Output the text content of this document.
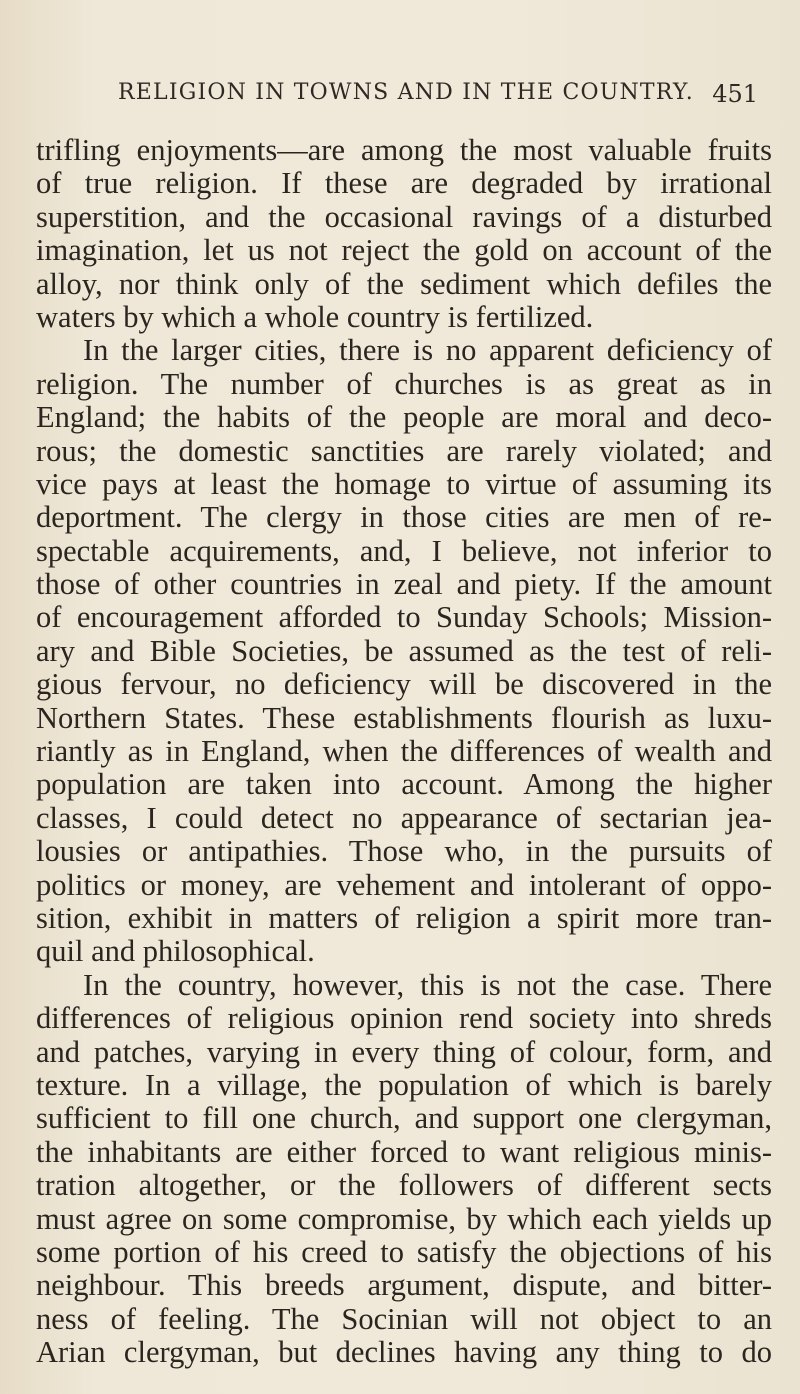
RELIGION IN TOWNS AND IN THE COUNTRY. 451
trifling enjoyments—are among the most valuable fruits
of true religion. If these are degraded by irrational
superstition, and the occasional ravings of a disturbed
imagination, let us not reject the gold on account of the
alloy, nor think only of the sediment which defiles the
waters by which a whole country is fertilized.
In the larger cities, there is no apparent deficiency of
religion. The number of churches is as great as in
England; the habits of the people are moral and deco-
rous; the domestic sanctities are rarely violated; and
vice pays at least the homage to virtue of assuming its
deportment. The clergy in those cities are men of re-
spectable acquirements, and, I believe, not inferior to
those of other countries in zeal and piety. If the amount
of encouragement afforded to Sunday Schools; Mission-
ary and Bible Societies, be assumed as the test of reli-
gious fervour, no deficiency will be discovered in the
Northern States. These establishments flourish as luxu-
riantly as in England, when the differences of wealth and
population are taken into account. Among the higher
classes, I could detect no appearance of sectarian jea-
lousies or antipathies. Those who, in the pursuits of
politics or money, are vehement and intolerant of oppo-
sition, exhibit in matters of religion a spirit more tran-
quil and philosophical.
In the country, however, this is not the case. There
differences of religious opinion rend society into shreds
and patches, varying in every thing of colour, form, and
texture. In a village, the population of which is barely
sufficient to fill one church, and support one clergyman,
the inhabitants are either forced to want religious minis-
tration altogether, or the followers of different sects
must agree on some compromise, by which each yields up
some portion of his creed to satisfy the objections of his
neighbour. This breeds argument, dispute, and bitter-
ness of feeling. The Socinian will not object to an
Arian clergyman, but declines having any thing to do
